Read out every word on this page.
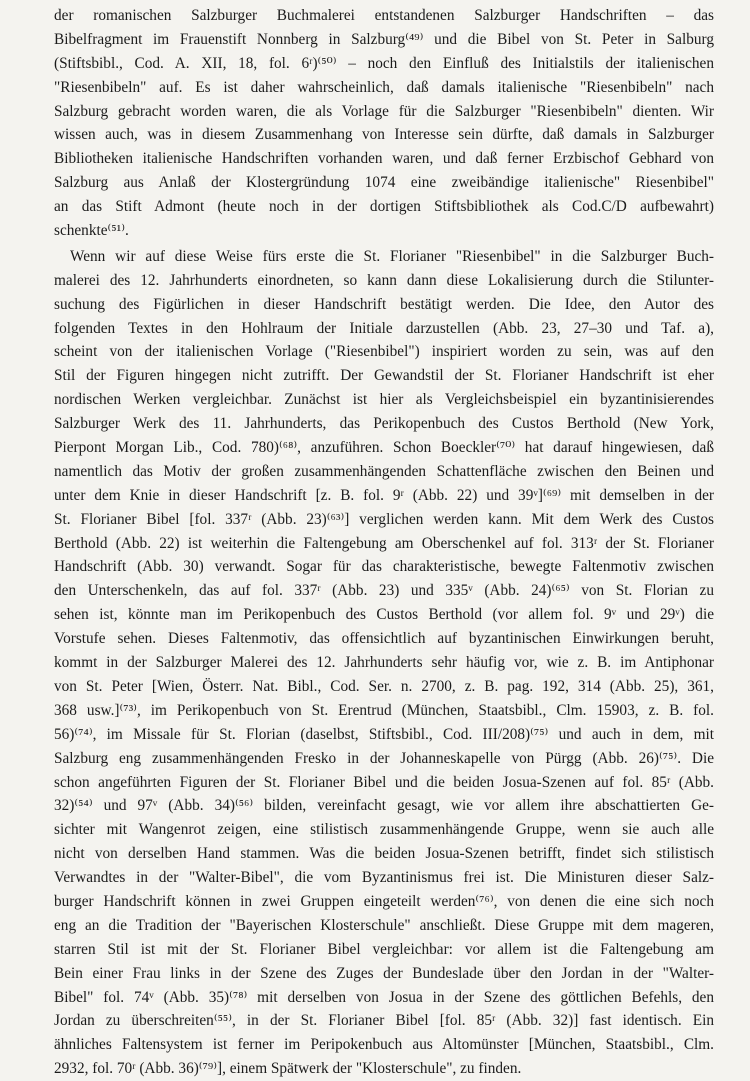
der romanischen Salzburger Buchmalerei entstandenen Salzburger Handschriften – das
Bibelfragment im Frauenstift Nonnberg in Salzburg⁽⁴⁹⁾ und die Bibel von St. Peter in Salburg
(Stiftsbibl., Cod. A. XII, 18, fol. 6ʳ)⁽⁵⁰⁾ – noch den Einfluß des Initialstils der italienischen
"Riesenbibeln" auf. Es ist daher wahrscheinlich, daß damals italienische "Riesenbibeln" nach
Salzburg gebracht worden waren, die als Vorlage für die Salzburger "Riesenbibeln" dienten. Wir
wissen auch, was in diesem Zusammenhang von Interesse sein dürfte, daß damals in Salzburger
Bibliotheken italienische Handschriften vorhanden waren, und daß ferner Erzbischof Gebhard von
Salzburg aus Anlaß der Klostergründung 1074 eine zweibändige italienische" Riesenbibel"
an das Stift Admont (heute noch in der dortigen Stiftsbibliothek als Cod.C/D aufbewahrt)
schenkte⁽⁵¹⁾.
Wenn wir auf diese Weise fürs erste die St. Florianer "Riesenbibel" in die Salzburger Buch-
malerei des 12. Jahrhunderts einordneten, so kann dann diese Lokalisierung durch die Stilunter-
suchung des Figürlichen in dieser Handschrift bestätigt werden. Die Idee, den Autor des
folgenden Textes in den Hohlraum der Initiale darzustellen (Abb. 23, 27–30 und Taf. a),
scheint von der italienischen Vorlage ("Riesenbibel") inspiriert worden zu sein, was auf den
Stil der Figuren hingegen nicht zutrifft. Der Gewandstil der St. Florianer Handschrift ist eher
nordischen Werken vergleichbar. Zunächst ist hier als Vergleichsbeispiel ein byzantinisierendes
Salzburger Werk des 11. Jahrhunderts, das Perikopenbuch des Custos Berthold (New York,
Pierpont Morgan Lib., Cod. 780)⁽⁶⁸⁾, anzuführen. Schon Boeckler⁽⁷⁰⁾ hat darauf hingewiesen, daß
namentlich das Motiv der großen zusammenhängenden Schattenfläche zwischen den Beinen und
unter dem Knie in dieser Handschrift [z. B. fol. 9ʳ (Abb. 22) und 39ᵛ]⁽⁶⁹⁾ mit demselben in der
St. Florianer Bibel [fol. 337ʳ (Abb. 23)⁽⁶³⁾] verglichen werden kann. Mit dem Werk des Custos
Berthold (Abb. 22) ist weiterhin die Faltengebung am Oberschenkel auf fol. 313ʳ der St. Florianer
Handschrift (Abb. 30) verwandt. Sogar für das charakteristische, bewegte Faltenmotiv zwischen
den Unterschenkeln, das auf fol. 337ʳ (Abb. 23) und 335ᵛ (Abb. 24)⁽⁶⁵⁾ von St. Florian zu
sehen ist, könnte man im Perikopenbuch des Custos Berthold (vor allem fol. 9ᵛ und 29ᵛ) die
Vorstufe sehen. Dieses Faltenmotiv, das offensichtlich auf byzantinischen Einwirkungen beruht,
kommt in der Salzburger Malerei des 12. Jahrhunderts sehr häufig vor, wie z. B. im Antiphonar
von St. Peter [Wien, Österr. Nat. Bibl., Cod. Ser. n. 2700, z. B. pag. 192, 314 (Abb. 25), 361,
368 usw.]⁽⁷³⁾, im Perikopenbuch von St. Erentrud (München, Staatsbibl., Clm. 15903, z. B. fol.
56)⁽⁷⁴⁾, im Missale für St. Florian (daselbst, Stiftsbibl., Cod. III/208)⁽⁷⁵⁾ und auch in dem, mit
Salzburg eng zusammenhängenden Fresko in der Johanneskapelle von Pürgg (Abb. 26)⁽⁷⁵⁾. Die
schon angeführten Figuren der St. Florianer Bibel und die beiden Josua-Szenen auf fol. 85ʳ (Abb.
32)⁽⁵⁴⁾ und 97ᵛ (Abb. 34)⁽⁵⁶⁾ bilden, vereinfacht gesagt, wie vor allem ihre abschattierten Ge-
sichter mit Wangenrot zeigen, eine stilistisch zusammenhängende Gruppe, wenn sie auch alle
nicht von derselben Hand stammen. Was die beiden Josua-Szenen betrifft, findet sich stilistisch
Verwandtes in der "Walter-Bibel", die vom Byzantinismus frei ist. Die Ministuren dieser Salz-
burger Handschrift können in zwei Gruppen eingeteilt werden⁽⁷⁶⁾, von denen die eine sich noch
eng an die Tradition der "Bayerischen Klosterschule" anschließt. Diese Gruppe mit dem mageren,
starren Stil ist mit der St. Florianer Bibel vergleichbar: vor allem ist die Faltengebung am
Bein einer Frau links in der Szene des Zuges der Bundeslade über den Jordan in der "Walter-
Bibel" fol. 74ᵛ (Abb. 35)⁽⁷⁸⁾ mit derselben von Josua in der Szene des göttlichen Befehls, den
Jordan zu überschreiten⁽⁵⁵⁾, in der St. Florianer Bibel [fol. 85ʳ (Abb. 32)] fast identisch. Ein
ähnliches Faltensystem ist ferner im Peripokenbuch aus Altomünster [München, Staatsbibl., Clm.
2932, fol. 70ʳ (Abb. 36)⁽⁷⁹⁾], einem Spätwerk der "Klosterschule", zu finden.
